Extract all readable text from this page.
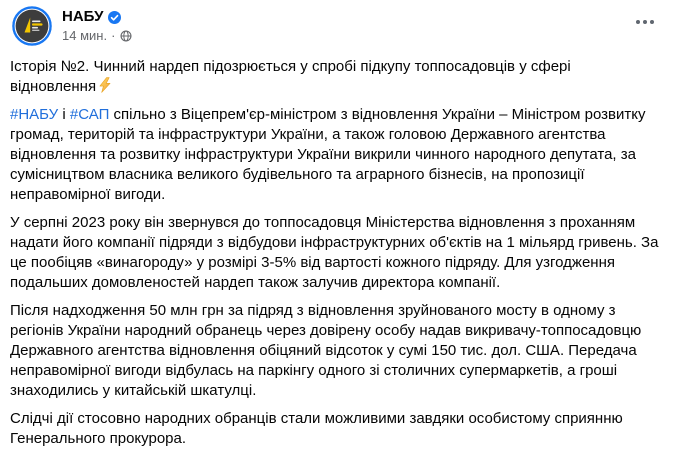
НАБУ
14 мин. ·
Історія №2. Чинний нардеп підозрюється у спробі підкупу топпосадовців у сфері відновлення
#НАБУ і #САП спільно з Віцепрем'єр-міністром з відновлення України – Міністром розвитку громад, територій та інфраструктури України, а також головою Державного агентства відновлення та розвитку інфраструктури України викрили чинного народного депутата, за сумісництвом власника великого будівельного та аграрного бізнесів, на пропозиції неправомірної вигоди.
У серпні 2023 року він звернувся до топпосадовця Міністерства відновлення з проханням надати його компанії підряди з відбудови інфраструктурних об'єктів на 1 мільярд гривень. За це пообіцяв «винагороду» у розмірі 3-5% від вартості кожного підряду. Для узгодження подальших домовленостей нардеп також залучив директора компанії.
Після надходження 50 млн грн за підряд з відновлення зруйнованого мосту в одному з регіонів України народний обранець через довірену особу надав викривачу-топпосадовцю Державного агентства відновлення обіцяний відсоток у сумі 150 тис. дол. США. Передача неправомірної вигоди відбулась на паркінгу одного зі столичних супермаркетів, а гроші знаходились у китайській шкатулці.
Слідчі дії стосовно народних обранців стали можливими завдяки особистому сприянню Генерального прокурора.
